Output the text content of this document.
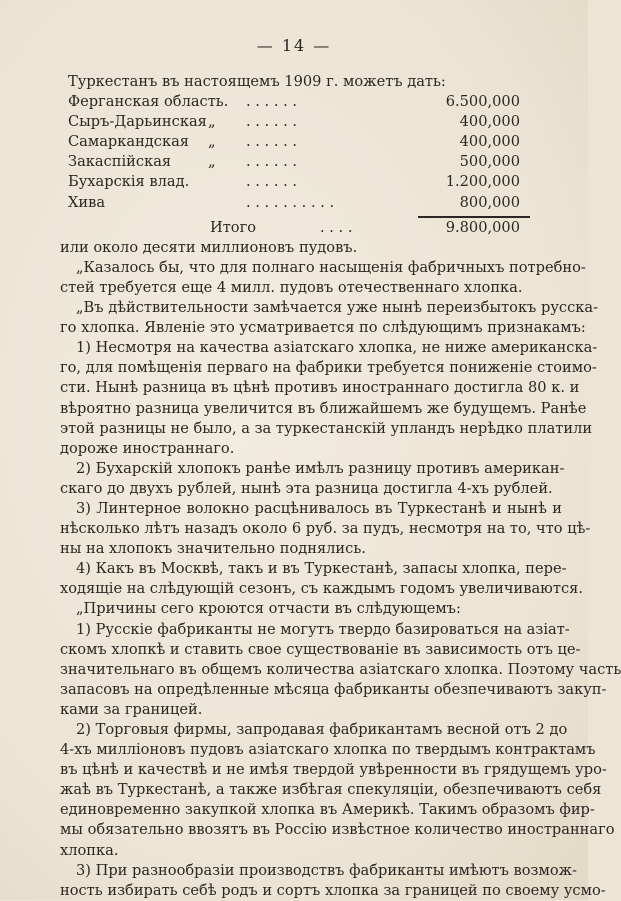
— 14 —
Туркестанъ въ настоящемъ 1909 г. можетъ дать:
Ферганская область. . . . . . .	6.500,000
Сыръ-Дарьинская „ . . . . . .	400,000
Самаркандская „ . . . . . .	400,000
Закаспійская	„ . . . . . .	500,000
Бухарскія влад.	. . . . . .	1.200,000
Хива	. . . . . . . . . .	800,000
Итого	. . . .	9.800,000
или около десяти миллионовъ пудовъ.
„Казалось бы, что для полнаго насыщенія фабричныхъ потребно-
стей требуется еще 4 милл. пудовъ отечественнаго хлопка.
„Въ дѣйствительности замѣчается уже нынѣ переизбытокъ русска-
го хлопка. Явленіе это усматривается по слѣдующимъ признакамъ:
1) Несмотря на качества азіатскаго хлопка, не ниже американска-
го, для помѣщенія перваго на фабрики требуется пониженіе стоимо-
сти. Нынѣ разница въ цѣнѣ противъ иностраннаго достигла 80 к. и
вѣроятно разница увеличится въ ближайшемъ же будущемъ. Ранѣе
этой разницы не было, а за туркестанскій упландъ нерѣдко платили
дороже иностраннаго.
2) Бухарскій хлопокъ ранѣе имѣлъ разницу противъ американ-
скаго до двухъ рублей, нынѣ эта разница достигла 4-хъ рублей.
3) Линтерное волокно расцѣнивалось въ Туркестанѣ и нынѣ и
нѣсколько лѣтъ назадъ около 6 руб. за пудъ, несмотря на то, что цѣ-
ны на хлопокъ значительно поднялись.
4) Какъ въ Москвѣ, такъ и въ Туркестанѣ, запасы хлопка, пере-
ходящіе на слѣдующій сезонъ, съ каждымъ годомъ увеличиваются.
„Причины сего кроются отчасти въ слѣдующемъ:
1) Русскіе фабриканты не могутъ твердо базироваться на азіат-
скомъ хлопкѣ и ставить свое существованіе въ зависимость отъ це-
значительнаго въ общемъ количества азіатскаго хлопка. Поэтому часть
запасовъ на опредѣленные мѣсяца фабриканты обезпечиваютъ закуп-
ками за границей.
2) Торговыя фирмы, запродавая фабрикантамъ весной отъ 2 до
4-хъ милліоновъ пудовъ азіатскаго хлопка по твердымъ контрактамъ
въ цѣнѣ и качествѣ и не имѣя твердой увѣренности въ грядущемъ уро-
жаѣ въ Туркестанѣ, а также избѣгая спекуляціи, обезпечиваютъ себя
единовременно закупкой хлопка въ Америкѣ. Такимъ образомъ фир-
мы обязательно ввозятъ въ Россію извѣстное количество иностраннаго
хлопка.
3) При разнообразіи производствъ фабриканты имѣютъ возмож-
ность избирать себѣ родъ и сортъ хлопка за границей по своему усмо-
